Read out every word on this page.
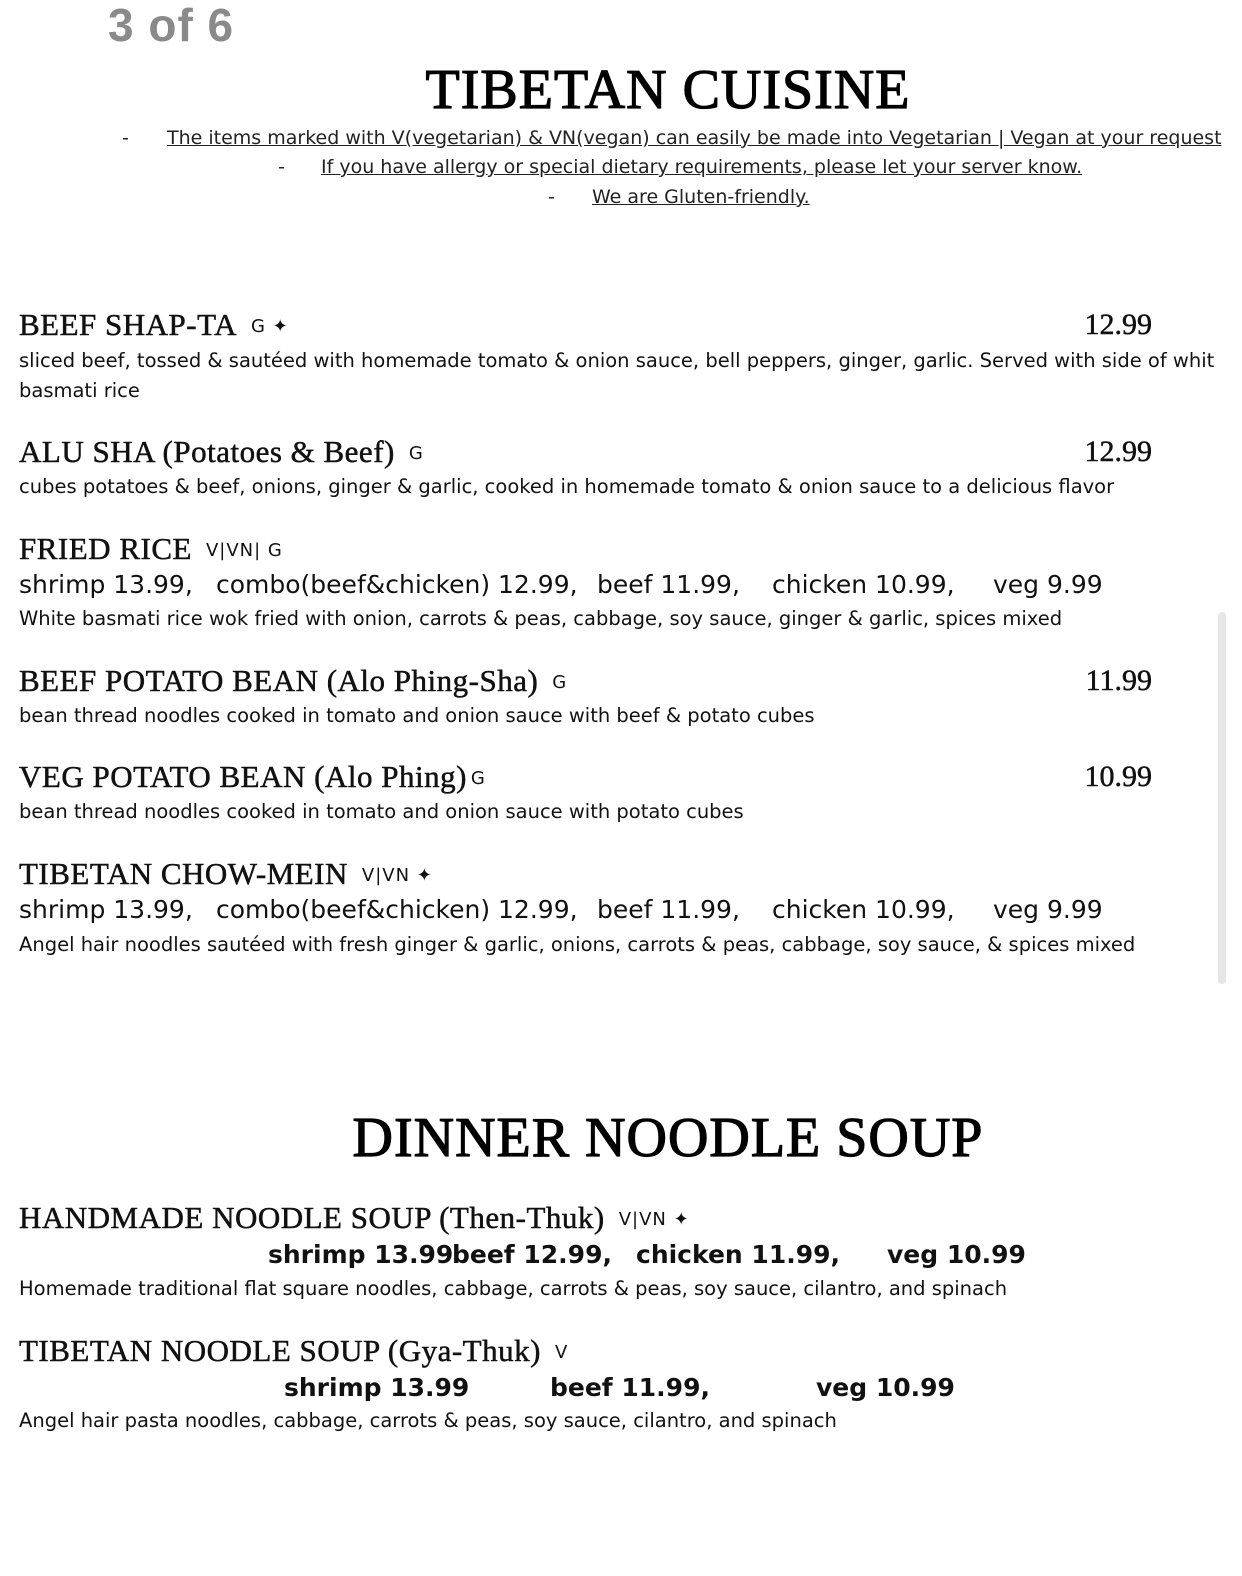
3 of 6
TIBETAN CUISINE
- The items marked with V(vegetarian) & VN(vegan) can easily be made into Vegetarian | Vegan at your request
- If you have allergy or special dietary requirements, please let your server know.
- We are Gluten-friendly.
BEEF SHAP-TA G ✦	12.99
sliced beef, tossed & sautéed with homemade tomato & onion sauce, bell peppers, ginger, garlic. Served with side of whit
basmati rice
ALU SHA (Potatoes & Beef) G	12.99
cubes potatoes & beef, onions, ginger & garlic, cooked in homemade tomato & onion sauce to a delicious flavor
FRIED RICE V|VN| G
shrimp 13.99, combo(beef&chicken) 12.99, beef 11.99, chicken 10.99, veg 9.99
White basmati rice wok fried with onion, carrots & peas, cabbage, soy sauce, ginger & garlic, spices mixed
BEEF POTATO BEAN (Alo Phing-Sha) G	11.99
bean thread noodles cooked in tomato and onion sauce with beef & potato cubes
VEG POTATO BEAN (Alo Phing) G	10.99
bean thread noodles cooked in tomato and onion sauce with potato cubes
TIBETAN CHOW-MEIN V|VN ✦
shrimp 13.99, combo(beef&chicken) 12.99, beef 11.99, chicken 10.99, veg 9.99
Angel hair noodles sautéed with fresh ginger & garlic, onions, carrots & peas, cabbage, soy sauce, & spices mixed
DINNER NOODLE SOUP
HANDMADE NOODLE SOUP (Then-Thuk) V|VN ✦
shrimp 13.99
beef 12.99, chicken 11.99, veg 10.99
Homemade traditional flat square noodles, cabbage, carrots & peas, soy sauce, cilantro, and spinach
TIBETAN NOODLE SOUP (Gya-Thuk) V
shrimp 13.99	beef 11.99,	veg 10.99
Angel hair pasta noodles, cabbage, carrots & peas, soy sauce, cilantro, and spinach
